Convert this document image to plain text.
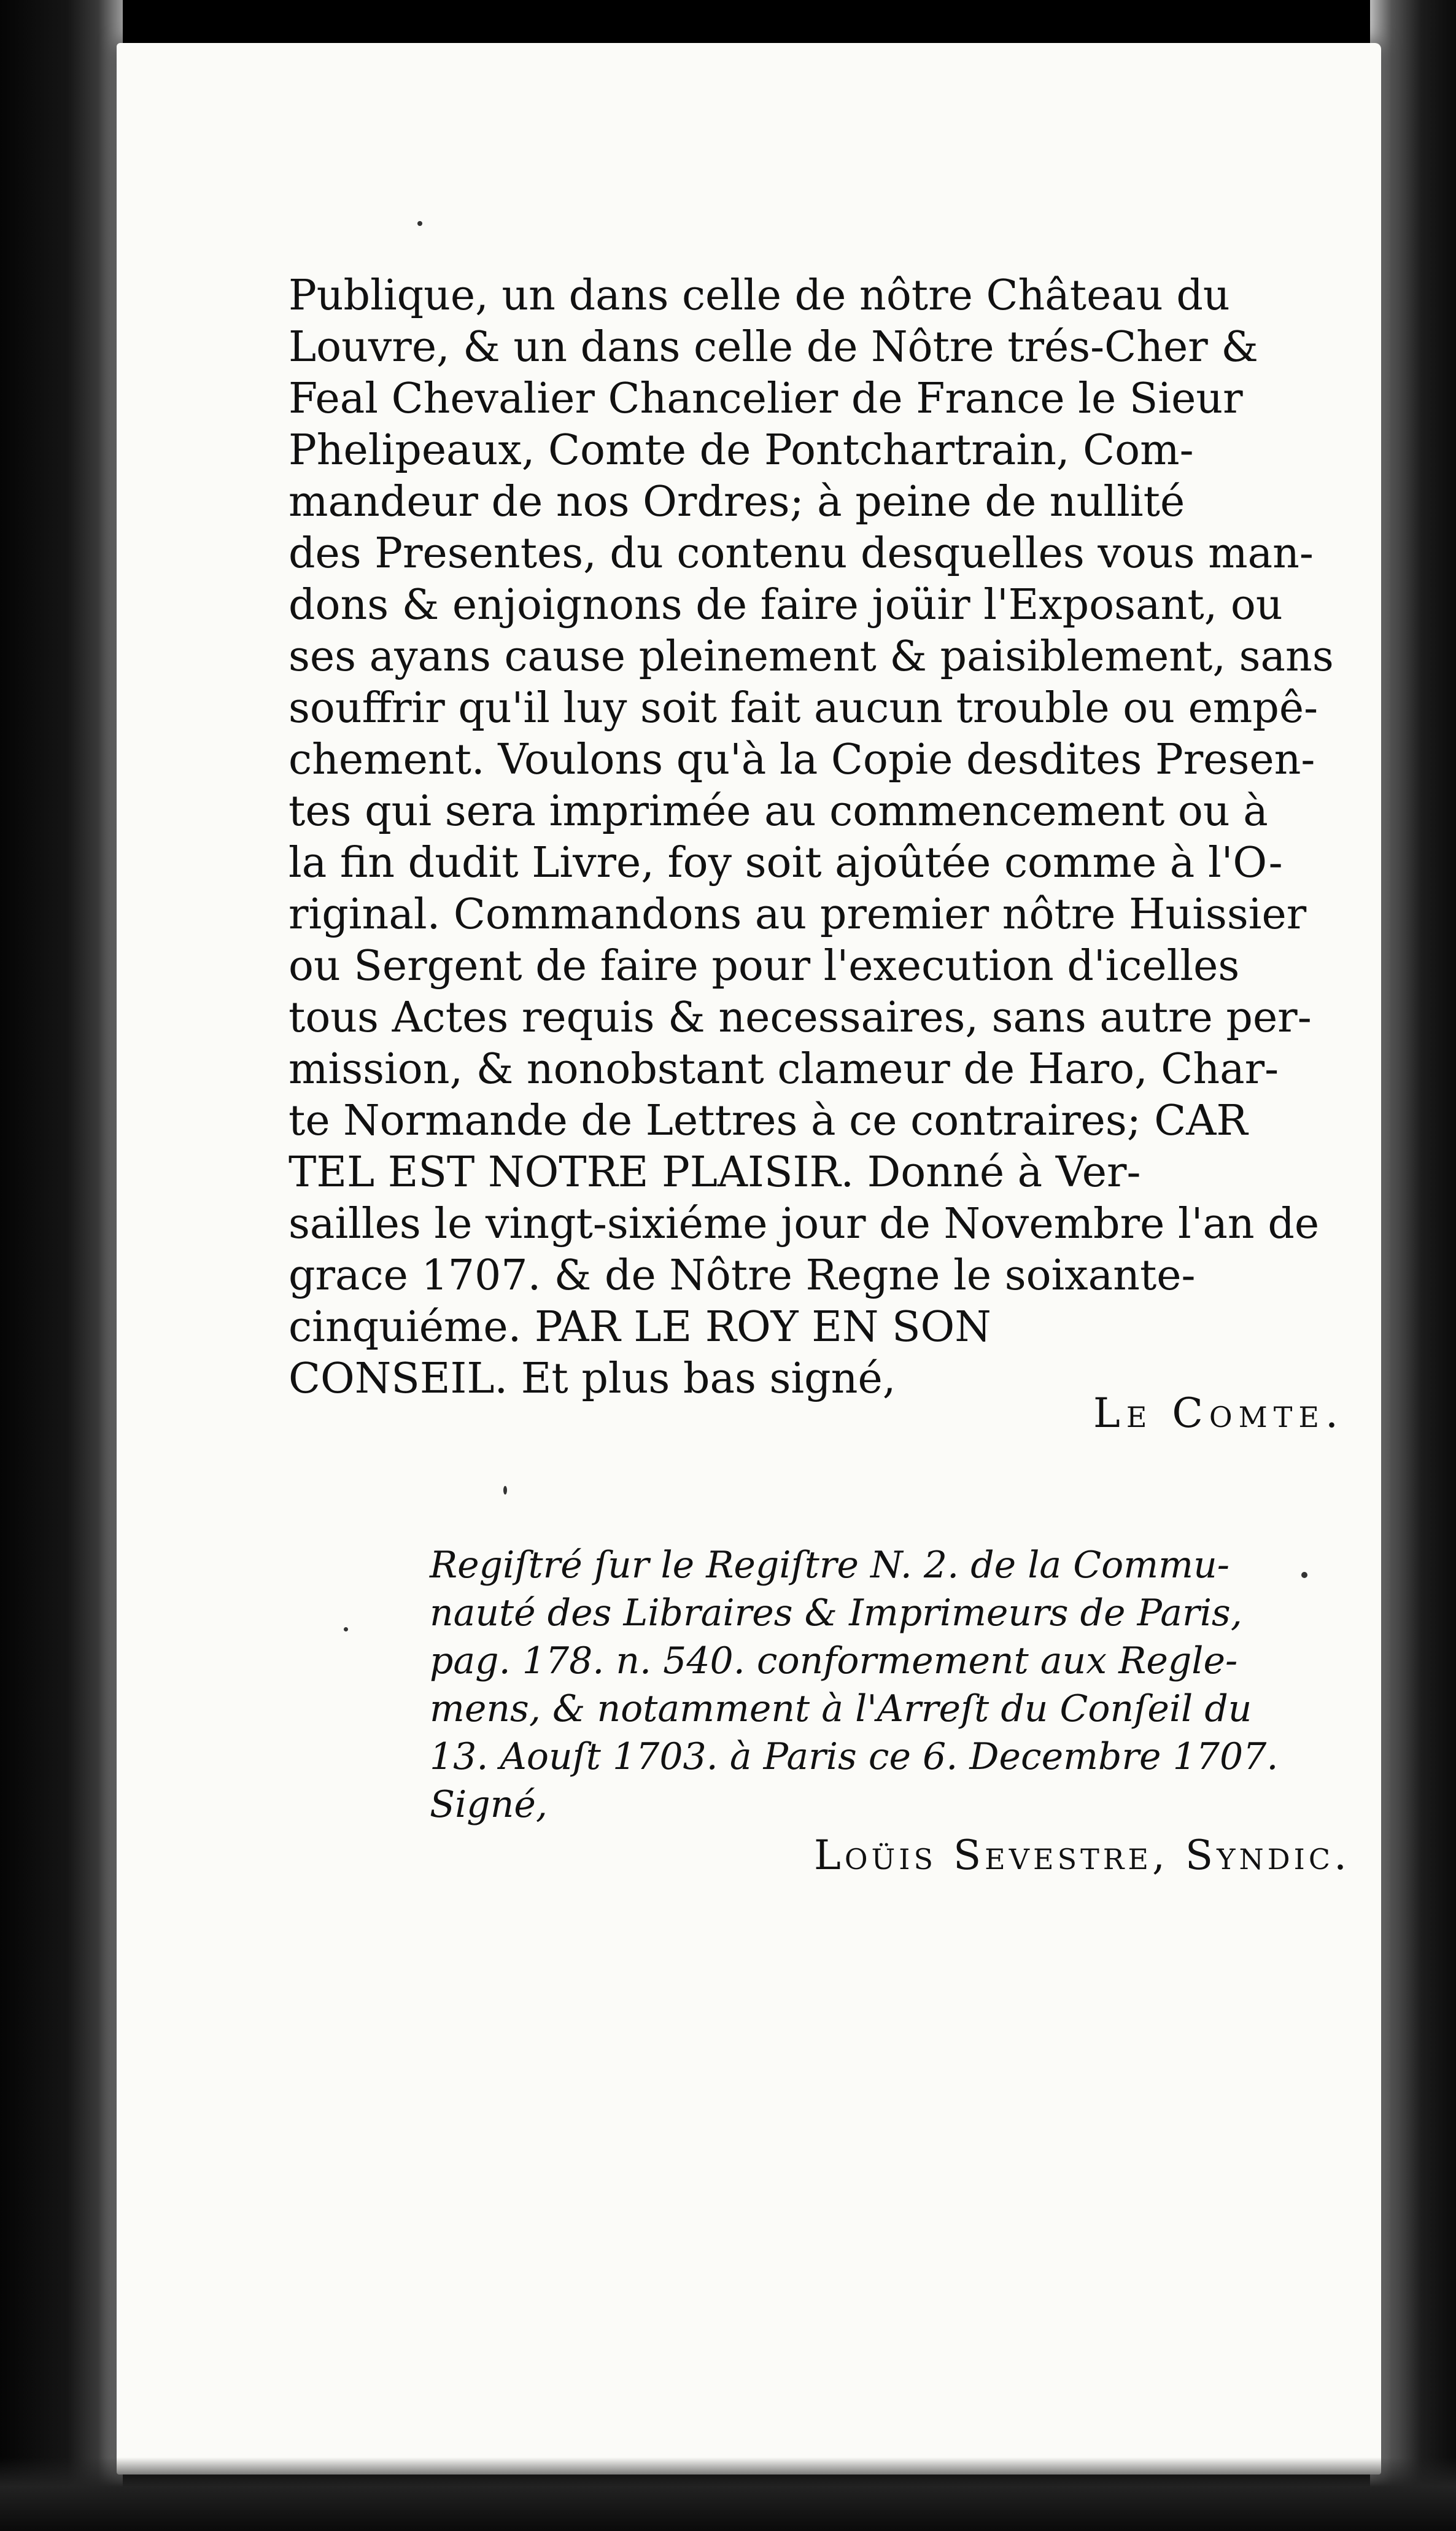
Publique, un dans celle de nôtre Château du
Louvre, & un dans celle de Nôtre trés-Cher &
Feal Chevalier Chancelier de France le Sieur
Phelipeaux, Comte de Pontchartrain, Com-
mandeur de nos Ordres; à peine de nullité
des Presentes, du contenu desquelles vous man-
dons & enjoignons de faire joüir l'Exposant, ou
ses ayans cause pleinement & paisiblement, sans
souffrir qu'il luy soit fait aucun trouble ou empê-
chement. Voulons qu'à la Copie desdites Presen-
tes qui sera imprimée au commencement ou à
la fin dudit Livre, foy soit ajoûtée comme à l'O-
riginal. Commandons au premier nôtre Huissier
ou Sergent de faire pour l'execution d'icelles
tous Actes requis & necessaires, sans autre per-
mission, & nonobstant clameur de Haro, Char-
te Normande de Lettres à ce contraires; CAR
TEL EST NOTRE PLAISIR. Donné à Ver-
sailles le vingt-sixiéme jour de Novembre l'an de
grace 1707. & de Nôtre Regne le soixante-
cinquiéme. PAR LE ROY EN SON
CONSEIL. Et plus bas signé,

Le Comte.
Regiſtré ſur le Regiſtre N. 2. de la Commu-
nauté des Libraires & Imprimeurs de Paris,
pag. 178. n. 540. conformement aux Regle-
mens, & notamment à l'Arreſt du Conſeil du
13. Aouſt 1703. à Paris ce 6. Decembre 1707.
Signé,
Loüis Sevestre, Syndic.
